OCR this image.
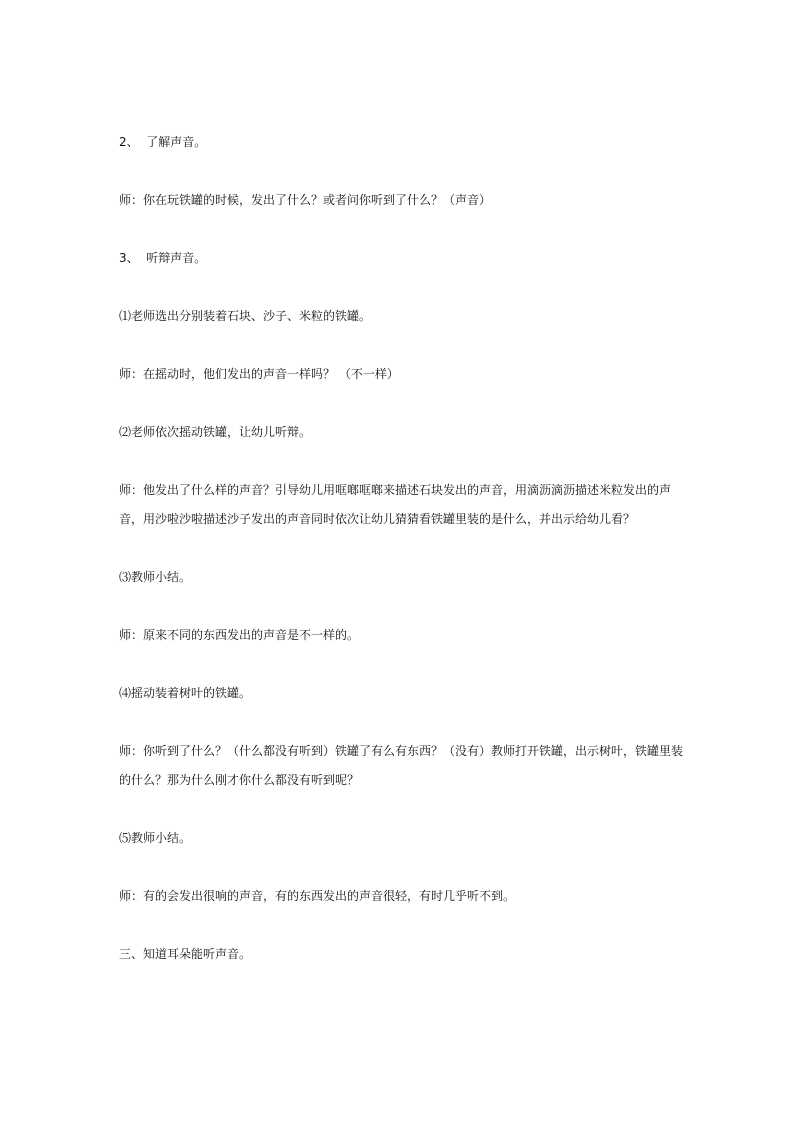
2、  了解声音。

师：你在玩铁罐的时候，发出了什么？或者问你听到了什么？（声音）

3、  听辩声音。

⑴老师选出分别装着石块、沙子、米粒的铁罐。

师：在摇动时，他们发出的声音一样吗？ （不一样）

⑵老师依次摇动铁罐，让幼儿听辩。

师：他发出了什么样的声音？引导幼儿用哐啷哐啷来描述石块发出的声音，用滴沥滴沥描述米粒发出的声音，用沙啦沙啦描述沙子发出的声音同时依次让幼儿猜猜看铁罐里装的是什么，并出示给幼儿看？

⑶教师小结。

师：原来不同的东西发出的声音是不一样的。

⑷摇动装着树叶的铁罐。

师：你听到了什么？（什么都没有听到）铁罐了有么有东西？（没有）教师打开铁罐，出示树叶，铁罐里装的什么？那为什么刚才你什么都没有听到呢？

⑸教师小结。

师：有的会发出很响的声音，有的东西发出的声音很轻，有时几乎听不到。

三、知道耳朵能听声音。
